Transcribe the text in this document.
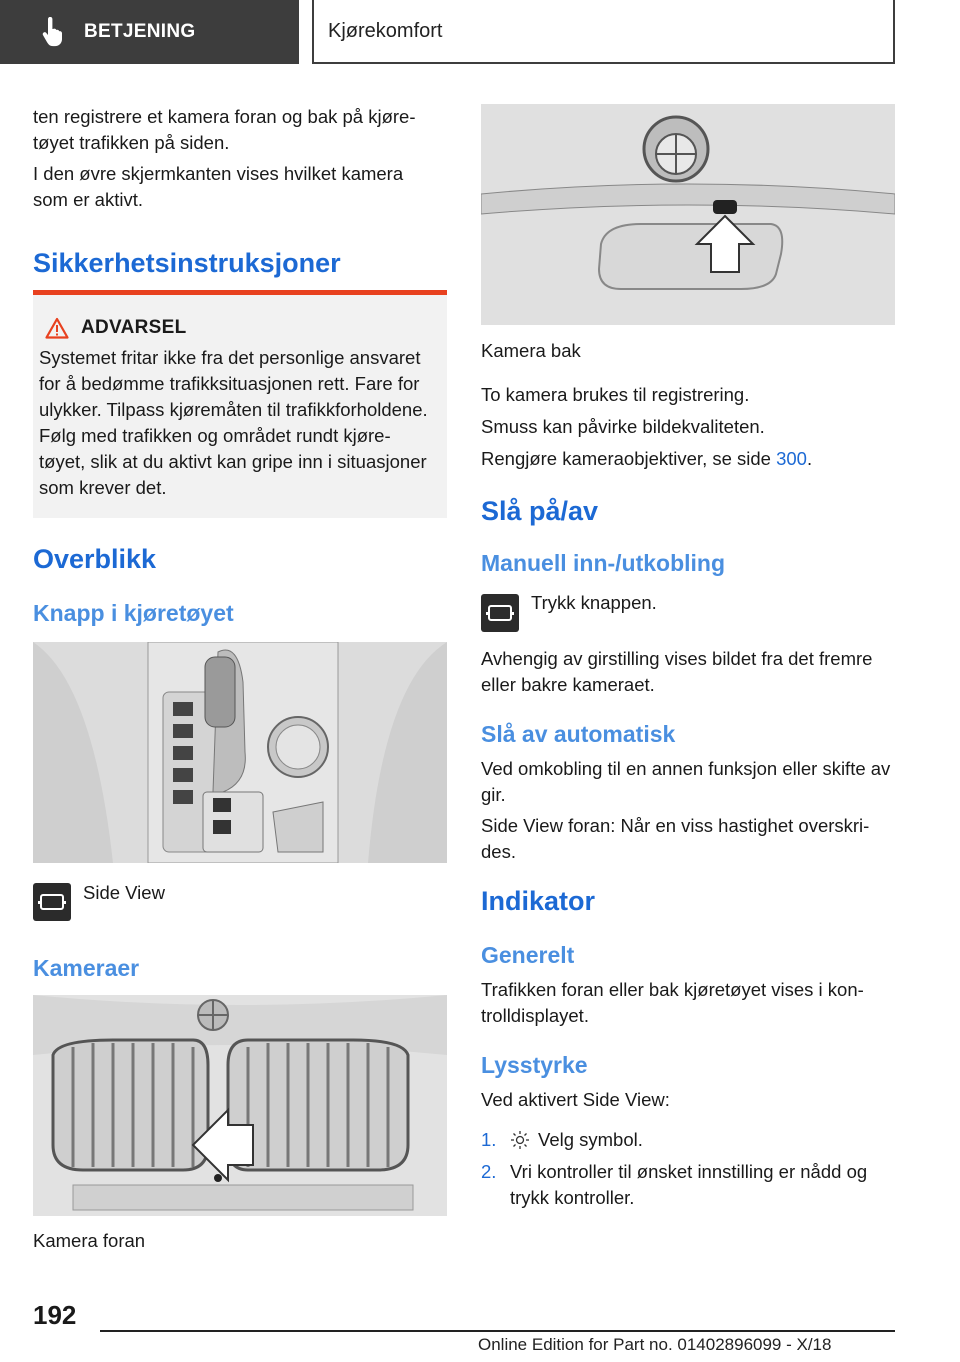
BETJENING	Kjørekomfort

ten registrere et kamera foran og bak på kjøre‐ tøyet trafikken på siden.

I den øvre skjermkanten vises hvilket kamera som er aktivt.

Sikkerhetsinstruksjoner
ADVARSEL
Systemet fritar ikke fra det personlige ansvaret for å bedømme trafikksituasjonen rett. Fare for ulykker. Tilpass kjøremåten til trafikkforholdene. Følg med trafikken og området rundt kjøre‐ tøyet, slik at du aktivt kan gripe inn i situasjoner som krever det.
Overblikk
Knapp i kjøretøyet
Side View
Kameraer
Kamera foran
Kamera bak
To kamera brukes til registrering.
Smuss kan påvirke bildekvaliteten.

Rengjøre kameraobjektiver, se side 300.

Slå på/av
Manuell inn-/utkobling
Trykk knappen.

Avhengig av girstilling vises bildet fra det fremre eller bakre kameraet.

Slå av automatisk

Ved omkobling til en annen funksjon eller skifte av gir.

Side View foran: Når en viss hastighet overskri‐ des.

Indikator
Generelt

Trafikken foran eller bak kjøretøyet vises i kon‐ trolldisplayet.

Lysstyrke
Ved aktivert Side View:
1. Velg symbol.
2. Vri kontroller til ønsket innstilling er nådd og trykk kontroller.

192
Online Edition for Part no. 01402896099 - X/18
